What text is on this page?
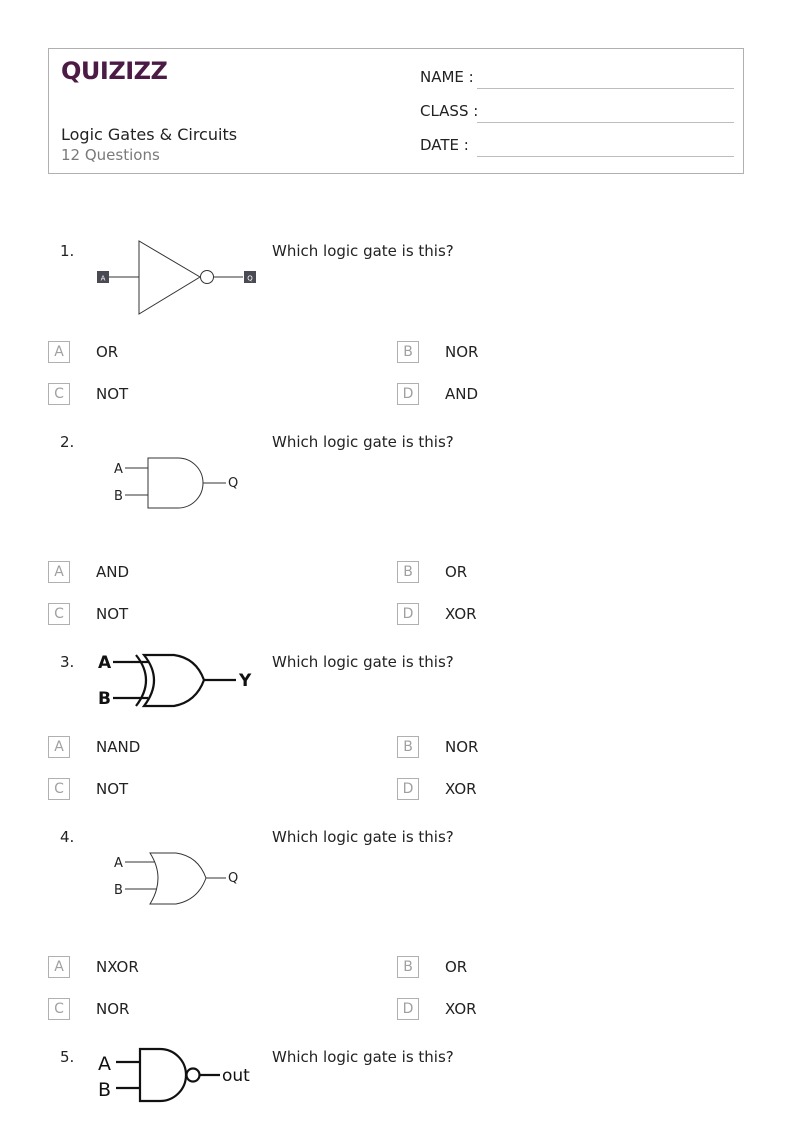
QUIZIZZ
Logic Gates & Circuits
12 Questions
NAME :
CLASS :
DATE :
1.	Which logic gate is this?
A	Q
A	OR	B	NOR
C	NOT	D	AND
2.	Which logic gate is this?
A
B
Q
A	AND	B	OR
C	NOT	D	XOR
3.	Which logic gate is this?
A
B
Y
A	NAND	B	NOR
C	NOT	D	XOR
4.	Which logic gate is this?
A
B
Q
A	NXOR	B	OR
C	NOR	D	XOR
5.	Which logic gate is this?
A
B
out
